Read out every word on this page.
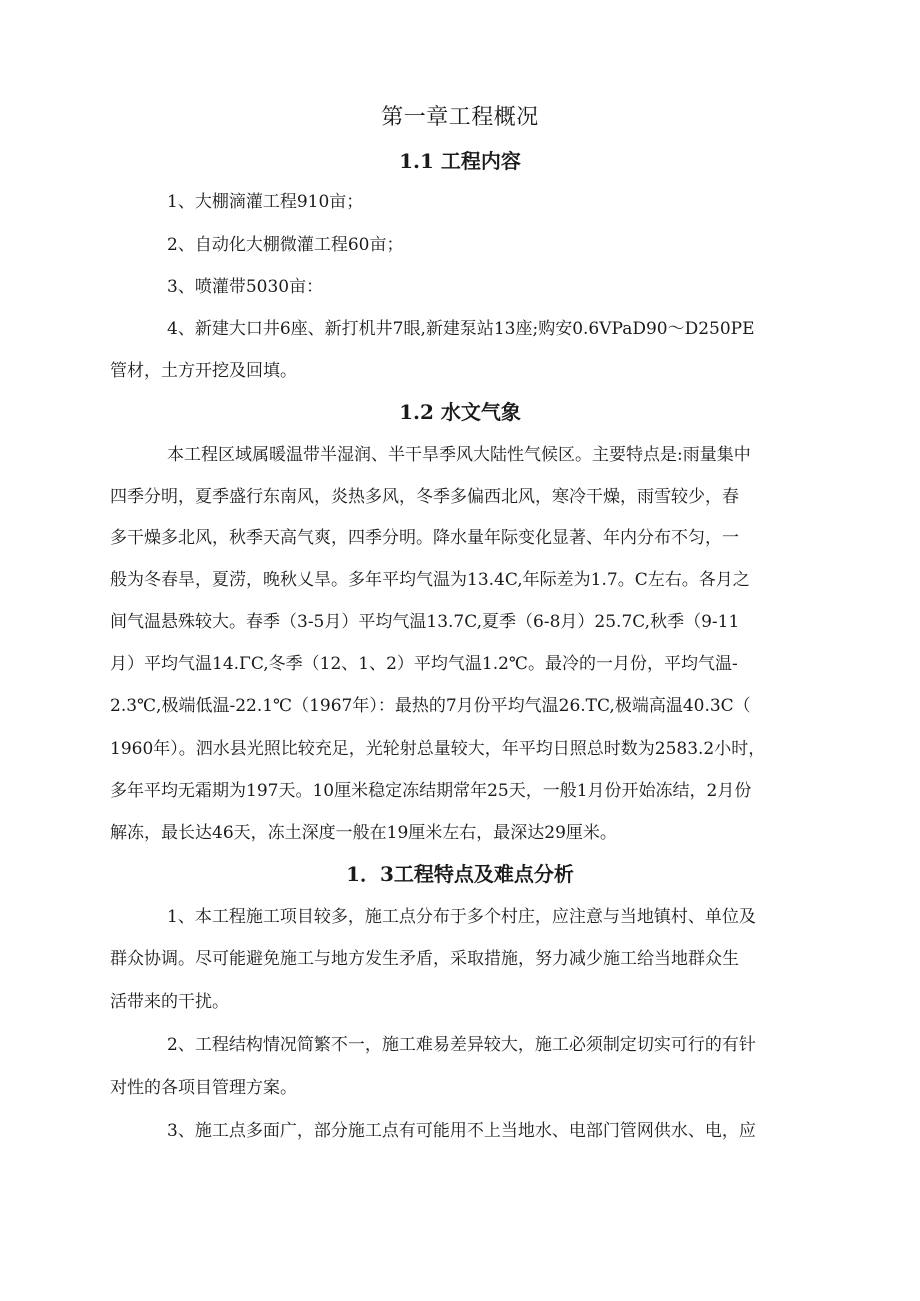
第一章工程概况
1.1 工程内容

1、大棚滴灌工程910亩；

2、自动化大棚微灌工程60亩；

3、喷灌带5030亩：

4、新建大口井6座、新打机井7眼,新建泵站13座;购安0.6VPaD90～D250PE

管材，土方开挖及回填。

1.2 水文气象

本工程区域属暖温带半湿润、半干旱季风大陆性气候区。主要特点是:雨量集中

四季分明，夏季盛行东南风，炎热多风，冬季多偏西北风，寒冷干燥，雨雪较少，春

多干燥多北风，秋季天高气爽，四季分明。降水量年际变化显著、年内分布不匀，一

般为冬春旱，夏涝，晚秋乂旱。多年平均气温为13.4C,年际差为1.7。C左右。各月之

间气温悬殊较大。春季（3-5月）平均气温13.7C,夏季（6-8月）25.7C,秋季（9-11

月）平均气温14.ΓC,冬季（12、1、2）平均气温1.2℃。最冷的一月份，平均气温-

2.3℃,极端低温-22.1℃（1967年）：最热的7月份平均气温26.TC,极端高温40.3C（

1960年）。泗水县光照比较充足，光轮射总量较大，年平均日照总时数为2583.2小时，

多年平均无霜期为197天。10厘米稳定冻结期常年25天，一般1月份开始冻结，2月份

解冻，最长达46天，冻土深度一般在19厘米左右，最深达29厘米。

1．3工程特点及难点分析

1、本工程施工项目较多，施工点分布于多个村庄，应注意与当地镇村、单位及

群众协调。尽可能避免施工与地方发生矛盾，采取措施，努力减少施工给当地群众生

活带来的干扰。

2、工程结构情况简繁不一，施工难易差异较大，施工必须制定切实可行的有针

对性的各项目管理方案。

3、施工点多面广，部分施工点有可能用不上当地水、电部门管网供水、电，应
